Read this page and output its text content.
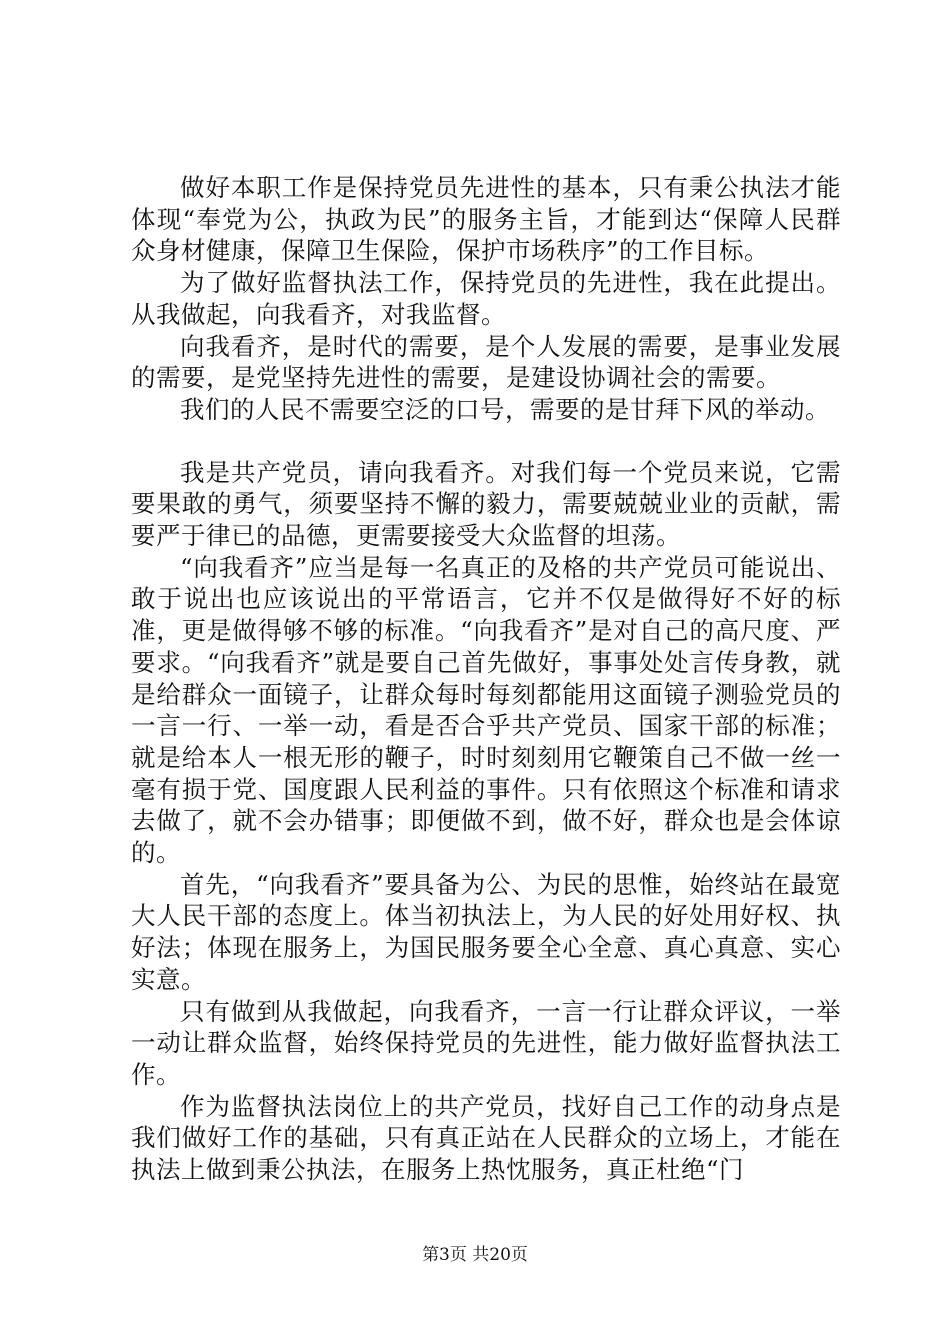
做好本职工作是保持党员先进性的基本，只有秉公执法才能体现“奉党为公，执政为民”的服务主旨，才能到达“保障人民群众身材健康，保障卫生保险，保护市场秩序”的工作目标。

为了做好监督执法工作，保持党员的先进性，我在此提出。从我做起，向我看齐，对我监督。

向我看齐，是时代的需要，是个人发展的需要，是事业发展的需要，是党坚持先进性的需要，是建设协调社会的需要。

我们的人民不需要空泛的口号，需要的是甘拜下风的举动。

我是共产党员，请向我看齐。对我们每一个党员来说，它需要果敢的勇气，须要坚持不懈的毅力，需要兢兢业业的贡献，需要严于律已的品德，更需要接受大众监督的坦荡。

“向我看齐”应当是每一名真正的及格的共产党员可能说出、敢于说出也应该说出的平常语言，它并不仅是做得好不好的标准，更是做得够不够的标准。“向我看齐”是对自己的高尺度、严要求。“向我看齐”就是要自己首先做好，事事处处言传身教，就是给群众一面镜子，让群众每时每刻都能用这面镜子测验党员的一言一行、一举一动，看是否合乎共产党员、国家干部的标准；就是给本人一根无形的鞭子，时时刻刻用它鞭策自己不做一丝一毫有损于党、国度跟人民利益的事件。只有依照这个标准和请求去做了，就不会办错事；即便做不到，做不好，群众也是会体谅的。

首先，“向我看齐”要具备为公、为民的思惟，始终站在最宽大人民干部的态度上。体当初执法上，为人民的好处用好权、执好法；体现在服务上，为国民服务要全心全意、真心真意、实心实意。

只有做到从我做起，向我看齐，一言一行让群众评议，一举一动让群众监督，始终保持党员的先进性，能力做好监督执法工作。

作为监督执法岗位上的共产党员，找好自己工作的动身点是我们做好工作的基础，只有真正站在人民群众的立场上，才能在执法上做到秉公执法，在服务上热忱服务，真正杜绝“门

第3页 共20页
